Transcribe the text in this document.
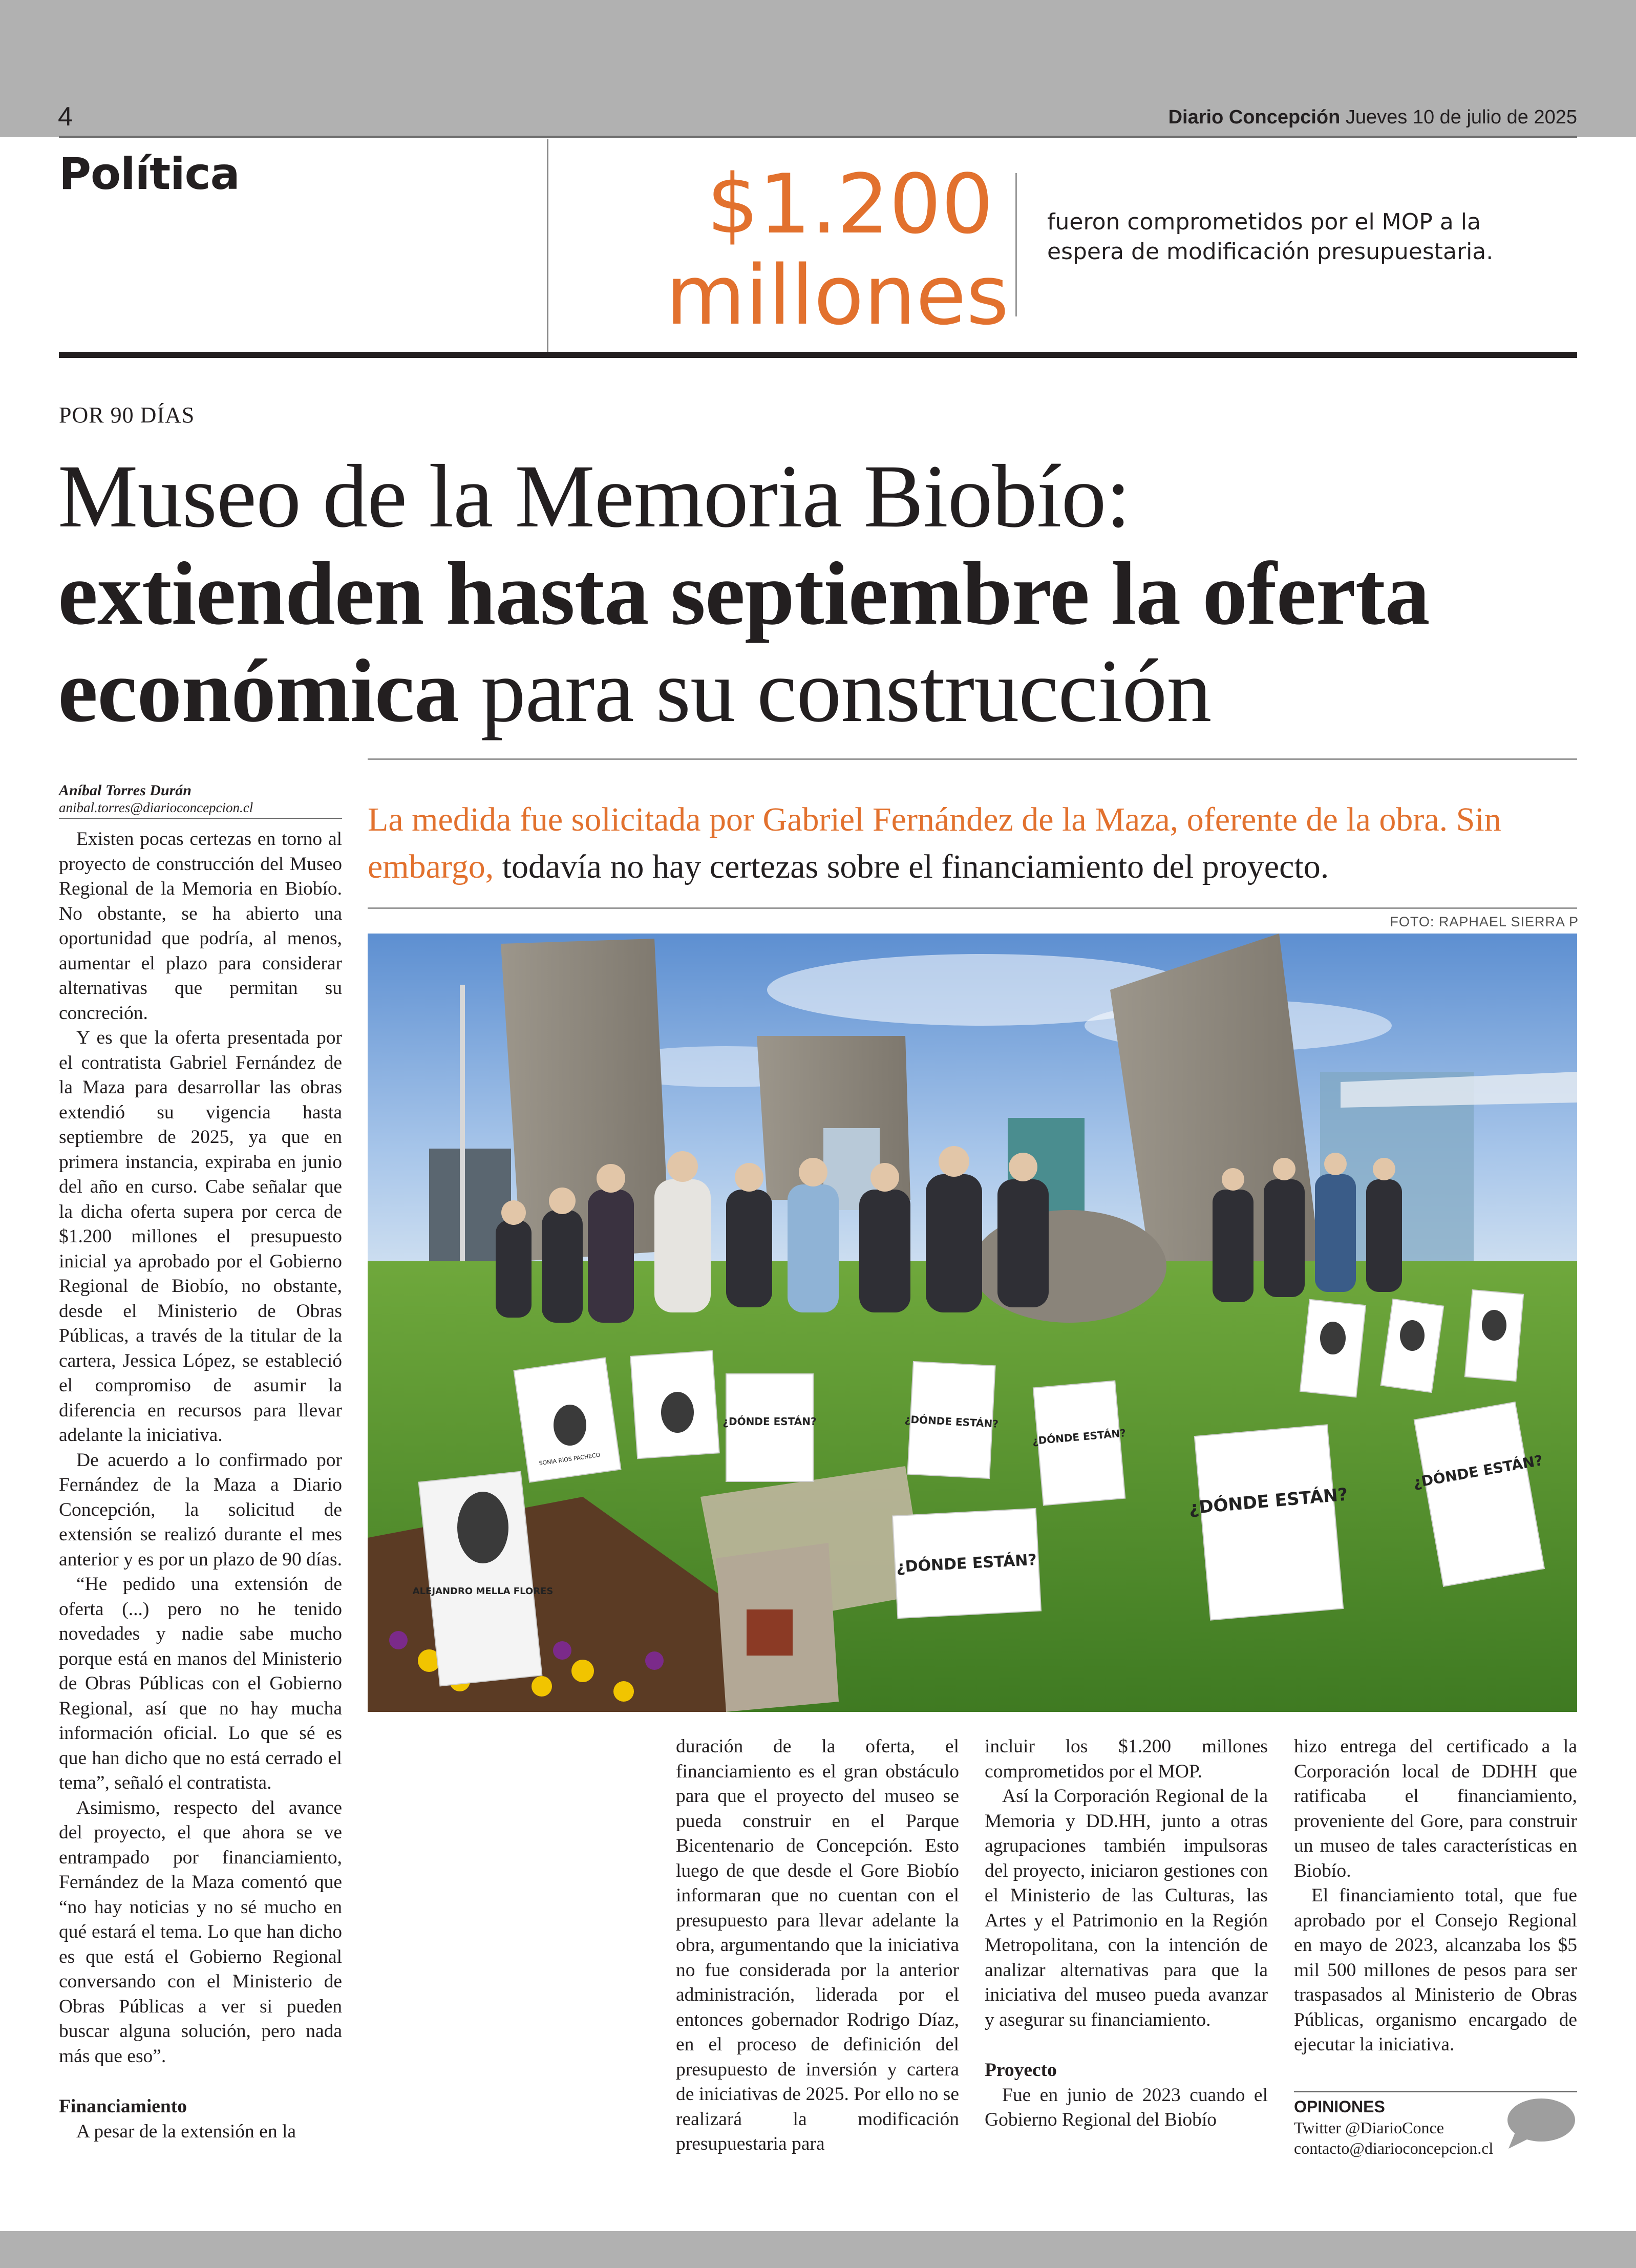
4	Diario Concepción Jueves 10 de julio de 2025
Política	$1.200
millones
fueron comprometidos por el MOP a la espera de modificación presupuestaria.
POR 90 DÍAS
Museo de la Memoria Biobío:
extienden hasta septiembre la oferta
económica para su construcción
La medida fue solicitada por Gabriel Fernández de la Maza, oferente de la obra. Sin embargo, todavía no hay certezas sobre el financiamiento del proyecto.
FOTO: RAPHAEL SIERRA P
Aníbal Torres Durán
anibal.torres@diarioconcepcion.cl

Existen pocas certezas en torno al proyecto de construcción del Museo Regional de la Memoria en Biobío. No obstante, se ha abierto una oportunidad que podría, al menos, aumentar el plazo para considerar alternativas que permitan su concreción.

Y es que la oferta presentada por el contratista Gabriel Fernández de la Maza para desarrollar las obras extendió su vigencia hasta septiembre de 2025, ya que en primera instancia, expiraba en junio del año en curso. Cabe señalar que la dicha oferta supera por cerca de $1.200 millones el presupuesto inicial ya aprobado por el Gobierno Regional de Biobío, no obstante, desde el Ministerio de Obras Públicas, a través de la titular de la cartera, Jessica López, se estableció el compromiso de asumir la diferencia en recursos para llevar adelante la iniciativa.

De acuerdo a lo confirmado por Fernández de la Maza a Diario Concepción, la solicitud de extensión se realizó durante el mes anterior y es por un plazo de 90 días.

“He pedido una extensión de oferta (...) pero no he tenido novedades y nadie sabe mucho porque está en manos del Ministerio de Obras Públicas con el Gobierno Regional, así que no hay mucha información oficial. Lo que sé es que han dicho que no está cerrado el tema”, señaló el contratista.

Asimismo, respecto del avance del proyecto, el que ahora se ve entrampado por financiamiento, Fernández de la Maza comentó que “no hay noticias y no sé mucho en qué estará el tema. Lo que han dicho es que está el Gobierno Regional conversando con el Ministerio de Obras Públicas a ver si pueden buscar alguna solución, pero nada más que eso”.

Financiamiento

A pesar de la extensión en la

ALEJANDRO MELLA FLORES
SONIA RÍOS PACHECO
¿DÓNDE ESTÁN?
¿DÓNDE ESTÁN?
¿DÓNDE ESTÁN?
¿DÓNDE ESTÁN?	¿DÓNDE ESTÁN?
¿DÓNDE ESTÁN?

duración de la oferta, el financiamiento es el gran obstáculo para que el proyecto del museo se pueda construir en el Parque Bicentenario de Concepción. Esto luego de que desde el Gore Biobío informaran que no cuentan con el presupuesto para llevar adelante la obra, argumentando que la iniciativa no fue considerada por la anterior administración, liderada por el entonces gobernador Rodrigo Díaz, en el proceso de definición del presupuesto de inversión y cartera de iniciativas de 2025. Por ello no se realizará la modificación presupuestaria para

incluir los $1.200 millones comprometidos por el MOP.

Así la Corporación Regional de la Memoria y DD.HH, junto a otras agrupaciones también impulsoras del proyecto, iniciaron gestiones con el Ministerio de las Culturas, las Artes y el Patrimonio en la Región Metropolitana, con la intención de analizar alternativas para que la iniciativa del museo pueda avanzar y asegurar su financiamiento.

Proyecto

Fue en junio de 2023 cuando el Gobierno Regional del Biobío

hizo entrega del certificado a la Corporación local de DDHH que ratificaba el financiamiento, proveniente del Gore, para construir un museo de tales características en Biobío.

El financiamiento total, que fue aprobado por el Consejo Regional en mayo de 2023, alcanzaba los $5 mil 500 millones de pesos para ser traspasados al Ministerio de Obras Públicas, organismo encargado de ejecutar la iniciativa.

OPINIONES
Twitter @DiarioConce
contacto@diarioconcepcion.cl
